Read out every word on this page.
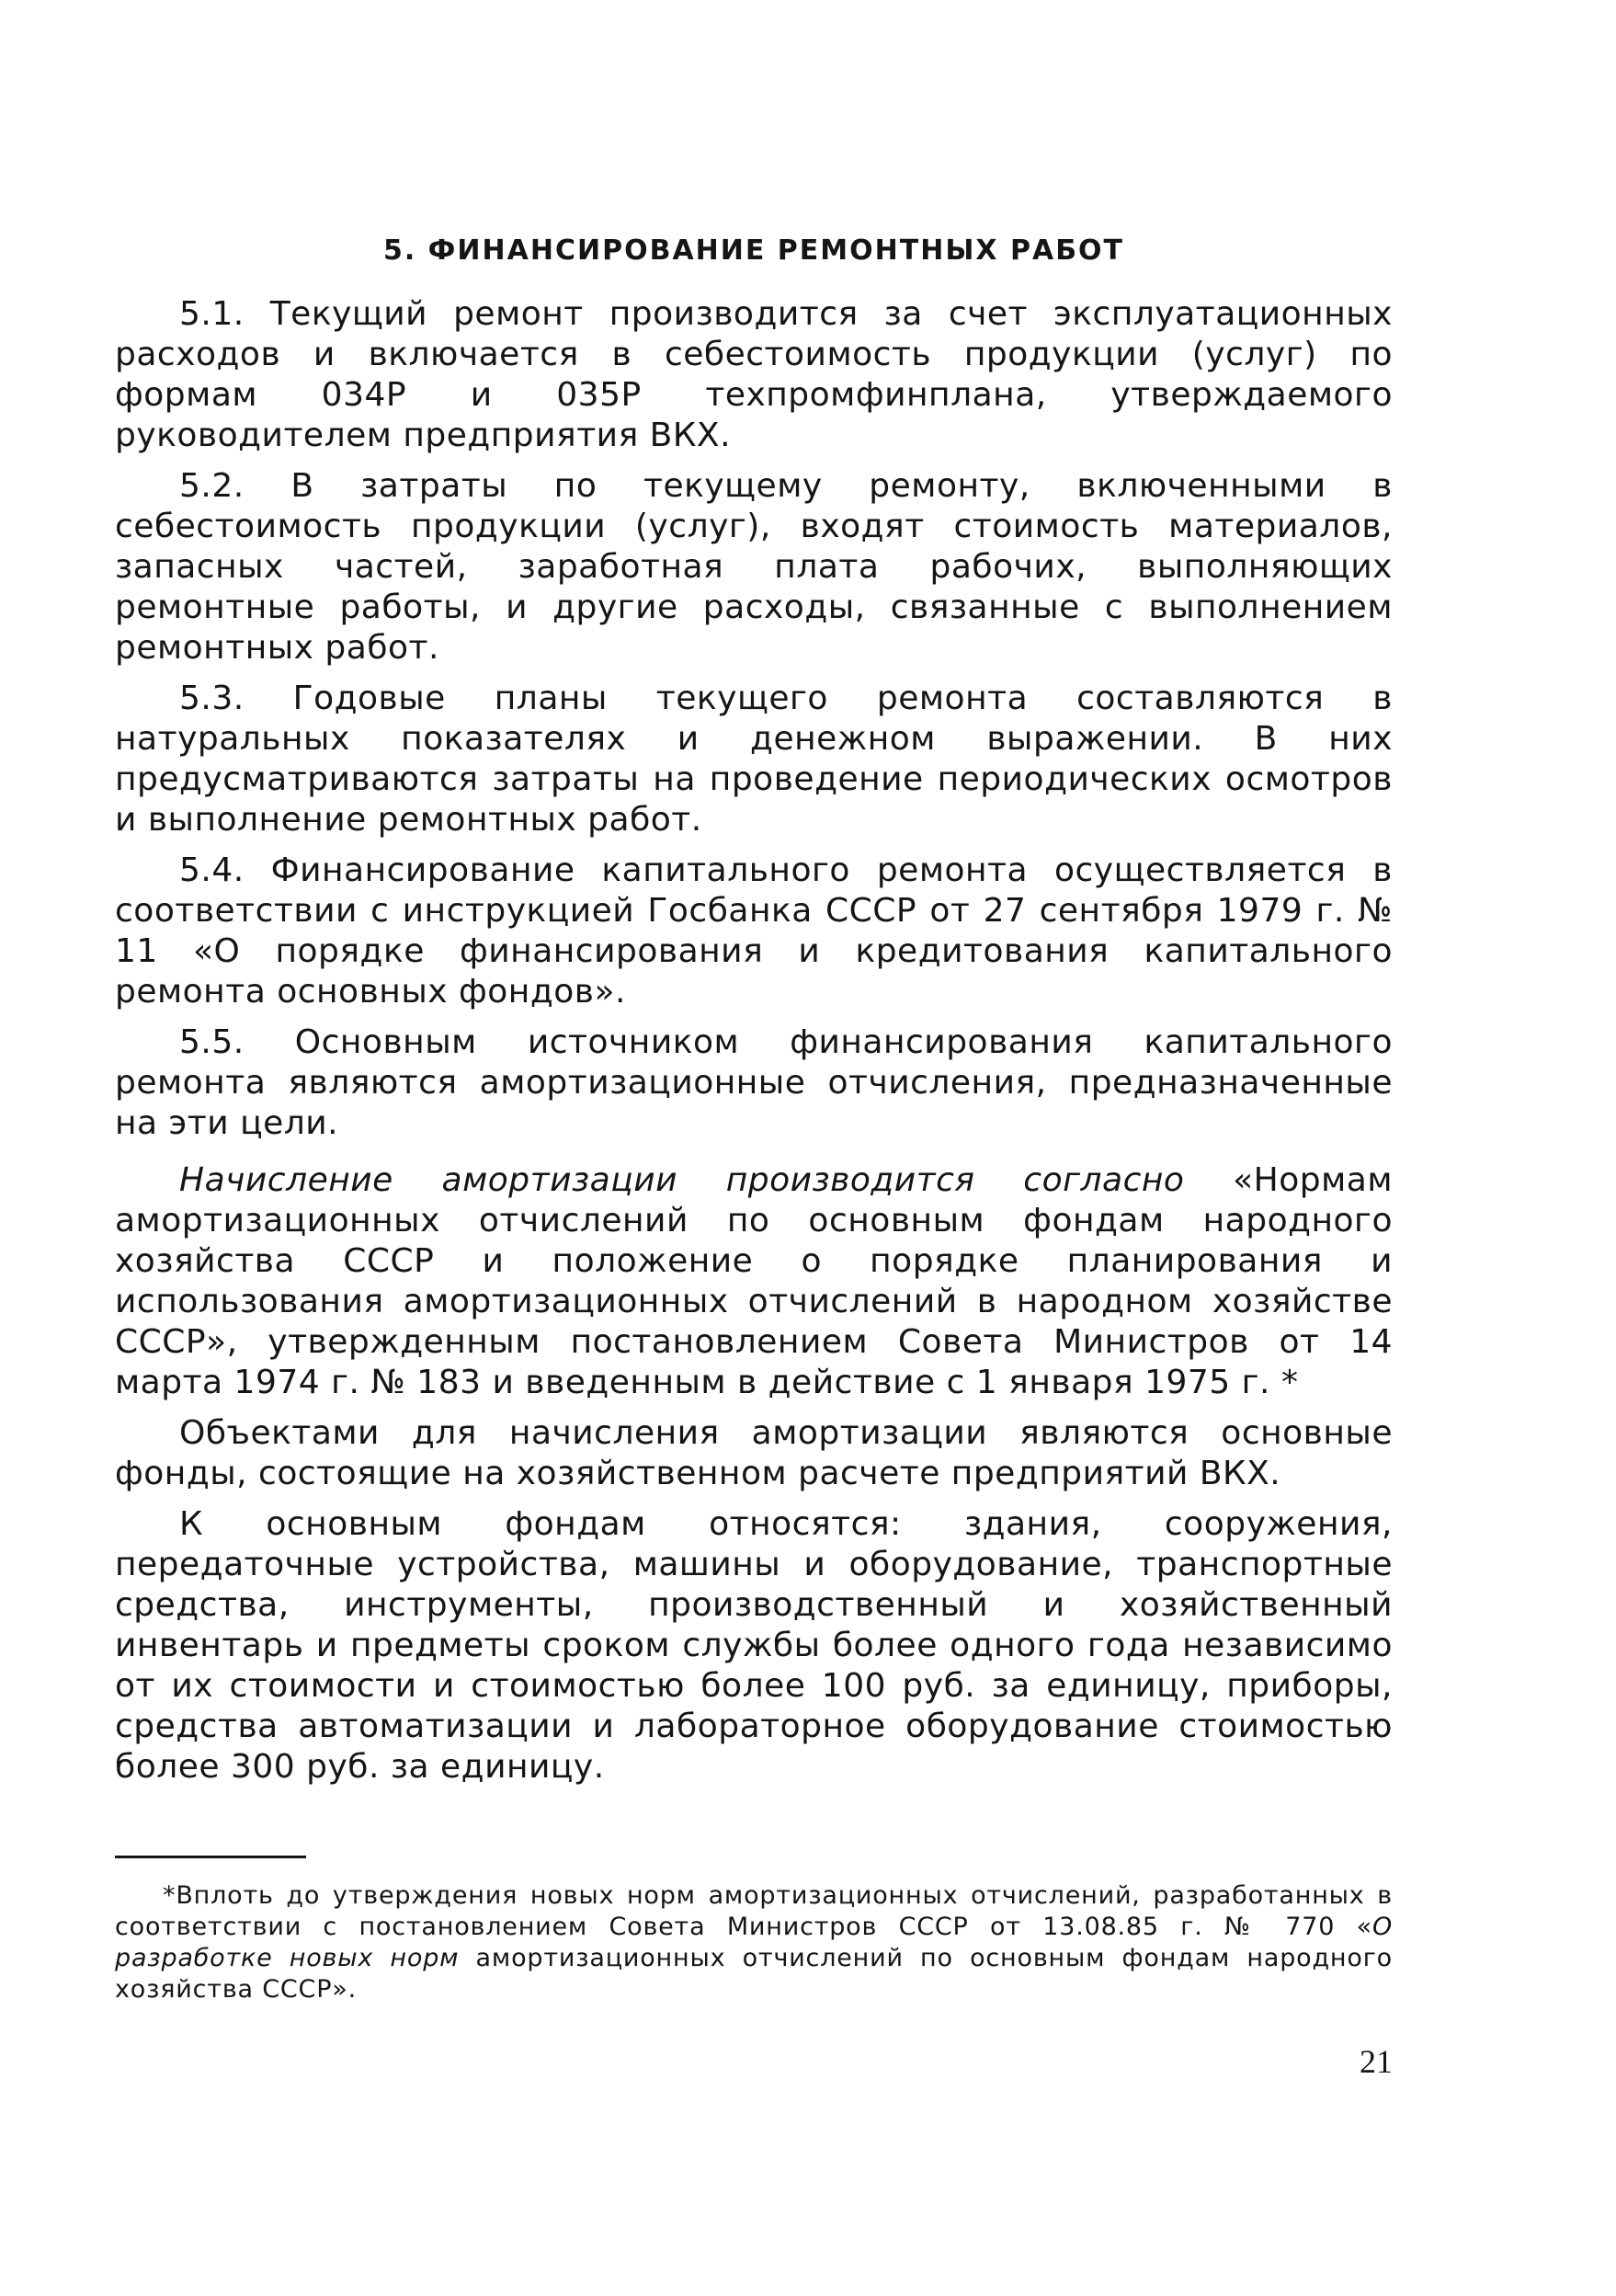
5. ФИНАНСИРОВАНИЕ РЕМОНТНЫХ РАБОТ

5.1. Текущий ремонт производится за счет эксплуатационных расходов и включается в себестоимость продукции (услуг) по формам 034Р и 035Р техпромфинплана, утверждаемого руководителем предприятия ВКХ.

5.2. В затраты по текущему ремонту, включенными в себестоимость продукции (услуг), входят стоимость материалов, запасных частей, заработная плата рабочих, выполняющих ремонтные работы, и другие расходы, связанные с выполнением ремонтных работ.

5.3. Годовые планы текущего ремонта составляются в натуральных показателях и денежном выражении. В них предусматриваются затраты на проведение периодических осмотров и выполнение ремонтных работ.

5.4. Финансирование капитального ремонта осуществляется в соответствии с инструкцией Госбанка СССР от 27 сентября 1979 г. № 11 «О порядке финансирования и кредитования капитального ремонта основных фондов».

5.5. Основным источником финансирования капитального ремонта являются амортизационные отчисления, предназначенные на эти цели.

Начисление амортизации производится согласно «Нормам амортизационных отчислений по основным фондам народного хозяйства СССР и положение о порядке планирования и использования амортизационных отчислений в народном хозяйстве СССР», утвержденным постановлением Совета Министров от 14 марта 1974 г. № 183 и введенным в действие с 1 января 1975 г. *

Объектами для начисления амортизации являются основные фонды, состоящие на хозяйственном расчете предприятий ВКХ.

К основным фондам относятся: здания, сооружения, передаточные устройства, машины и оборудование, транспортные средства, инструменты, производственный и хозяйственный инвентарь и предметы сроком службы более одного года независимо от их стоимости и стоимостью более 100 руб. за единицу, приборы, средства автоматизации и лабораторное оборудование стоимостью более 300 руб. за единицу.

*Вплоть до утверждения новых норм амортизационных отчислений, разработанных в соответствии с постановлением Совета Министров СССР от 13.08.85 г. № 770 «О разработке новых норм амортизационных отчислений по основным фондам народного хозяйства СССР».

21
